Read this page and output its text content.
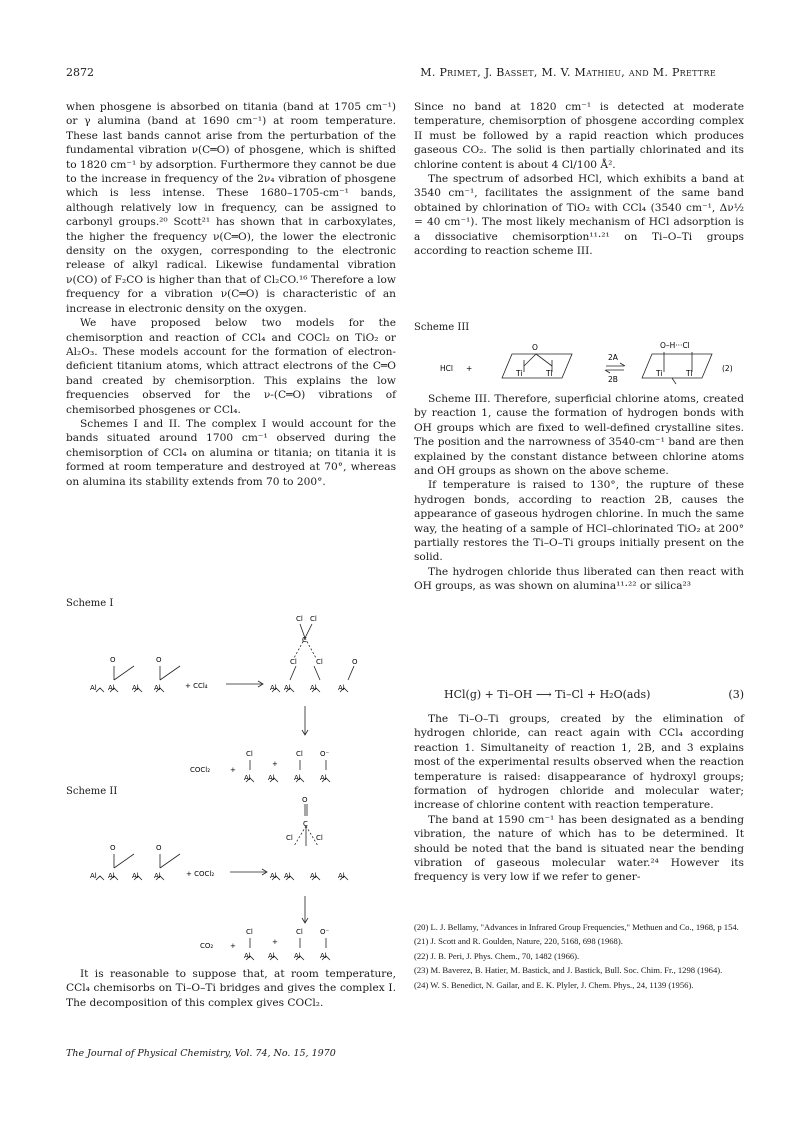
2872	M. Primet, J. Basset, M. V. Mathieu, and M. Prettre

when phosgene is absorbed on titania (band at 1705 cm⁻¹) or γ alumina (band at 1690 cm⁻¹) at room temperature. These last bands cannot arise from the perturbation of the fundamental vibration ν(C═O) of phosgene, which is shifted to 1820 cm⁻¹ by adsorption. Furthermore they cannot be due to the increase in frequency of the 2ν₄ vibration of phosgene which is less intense. These 1680–1705-cm⁻¹ bands, although relatively low in frequency, can be assigned to carbonyl groups.²⁰ Scott²¹ has shown that in carboxylates, the higher the frequency ν(C═O), the lower the electronic density on the oxygen, corresponding to the electronic release of alkyl radical. Likewise fundamental vibration ν(CO) of F₂CO is higher than that of Cl₂CO.¹⁶ Therefore a low frequency for a vibration ν(C═O) is characteristic of an increase in electronic density on the oxygen.

We have proposed below two models for the chemisorption and reaction of CCl₄ and COCl₂ on TiO₂ or Al₂O₃. These models account for the formation of electron-deficient titanium atoms, which attract electrons of the C═O band created by chemisorption. This explains the low frequencies observed for the ν-(C═O) vibrations of chemisorbed phosgenes or CCl₄.

Schemes I and II. The complex I would account for the bands situated around 1700 cm⁻¹ observed during the chemisorption of CCl₄ on alumina or titania; on titania it is formed at room temperature and destroyed at 70°, whereas on alumina its stability extends from 70 to 200°.

Scheme I
O	O
Al Al Al Al	+ CCl₄
Cl Cl
C
Cl	Cl	O
Al Al	Al	Al
COCl₂	+
Cl	Cl O⁻
+
Al Al	Al	Al
Scheme II
O
C
Cl	Cl
O	O
Al Al Al Al	+ COCl₂	Al Al	Al	Al
CO₂ +
Cl	Cl O⁻
+
Al Al	Al	Al

It is reasonable to suppose that, at room temperature, CCl₄ chemisorbs on Ti–O–Ti bridges and gives the complex I. The decomposition of this complex gives COCl₂.

Since no band at 1820 cm⁻¹ is detected at moderate temperature, chemisorption of phosgene according complex II must be followed by a rapid reaction which produces gaseous CO₂. The solid is then partially chlorinated and its chlorine content is about 4 Cl/100 Å².

The spectrum of adsorbed HCl, which exhibits a band at 3540 cm⁻¹, facilitates the assignment of the same band obtained by chlorination of TiO₂ with CCl₄ (3540 cm⁻¹, Δν½ = 40 cm⁻¹). The most likely mechanism of HCl adsorption is a dissociative chemisorption¹¹·²¹ on Ti–O–Ti groups according to reaction scheme III.

Scheme III
HCl +
O
Ti	Ti
2A
2B
O–H···Cl
Ti	Ti
(2)

Scheme III. Therefore, superficial chlorine atoms, created by reaction 1, cause the formation of hydrogen bonds with OH groups which are fixed to well-defined crystalline sites. The position and the narrowness of 3540-cm⁻¹ band are then explained by the constant distance between chlorine atoms and OH groups as shown on the above scheme.

If temperature is raised to 130°, the rupture of these hydrogen bonds, according to reaction 2B, causes the appearance of gaseous hydrogen chlorine. In much the same way, the heating of a sample of HCl–chlorinated TiO₂ at 200° partially restores the Ti–O–Ti groups initially present on the solid.

The hydrogen chloride thus liberated can then react with OH groups, as was shown on alumina¹¹·²² or silica²³

HCl(g) + Ti–OH ⟶ Ti–Cl + H₂O(ads)	(3)

The Ti–O–Ti groups, created by the elimination of hydrogen chloride, can react again with CCl₄ according reaction 1. Simultaneity of reaction 1, 2B, and 3 explains most of the experimental results observed when the reaction temperature is raised: disappearance of hydroxyl groups; formation of hydrogen chloride and molecular water; increase of chlorine content with reaction temperature.

The band at 1590 cm⁻¹ has been designated as a bending vibration, the nature of which has to be determined. It should be noted that the band is situated near the bending vibration of gaseous molecular water.²⁴ However its frequency is very low if we refer to gener-

(20) L. J. Bellamy, "Advances in Infrared Group Frequencies," Methuen and Co., 1968, p 154.
(21) J. Scott and R. Goulden, Nature, 220, 5168, 698 (1968).
(22) J. B. Peri, J. Phys. Chem., 70, 1482 (1966).
(23) M. Baverez, B. Hatier, M. Bastick, and J. Bastick, Bull. Soc. Chim. Fr., 1298 (1964).
(24) W. S. Benedict, N. Gailar, and E. K. Plyler, J. Chem. Phys., 24, 1139 (1956).
The Journal of Physical Chemistry, Vol. 74, No. 15, 1970
